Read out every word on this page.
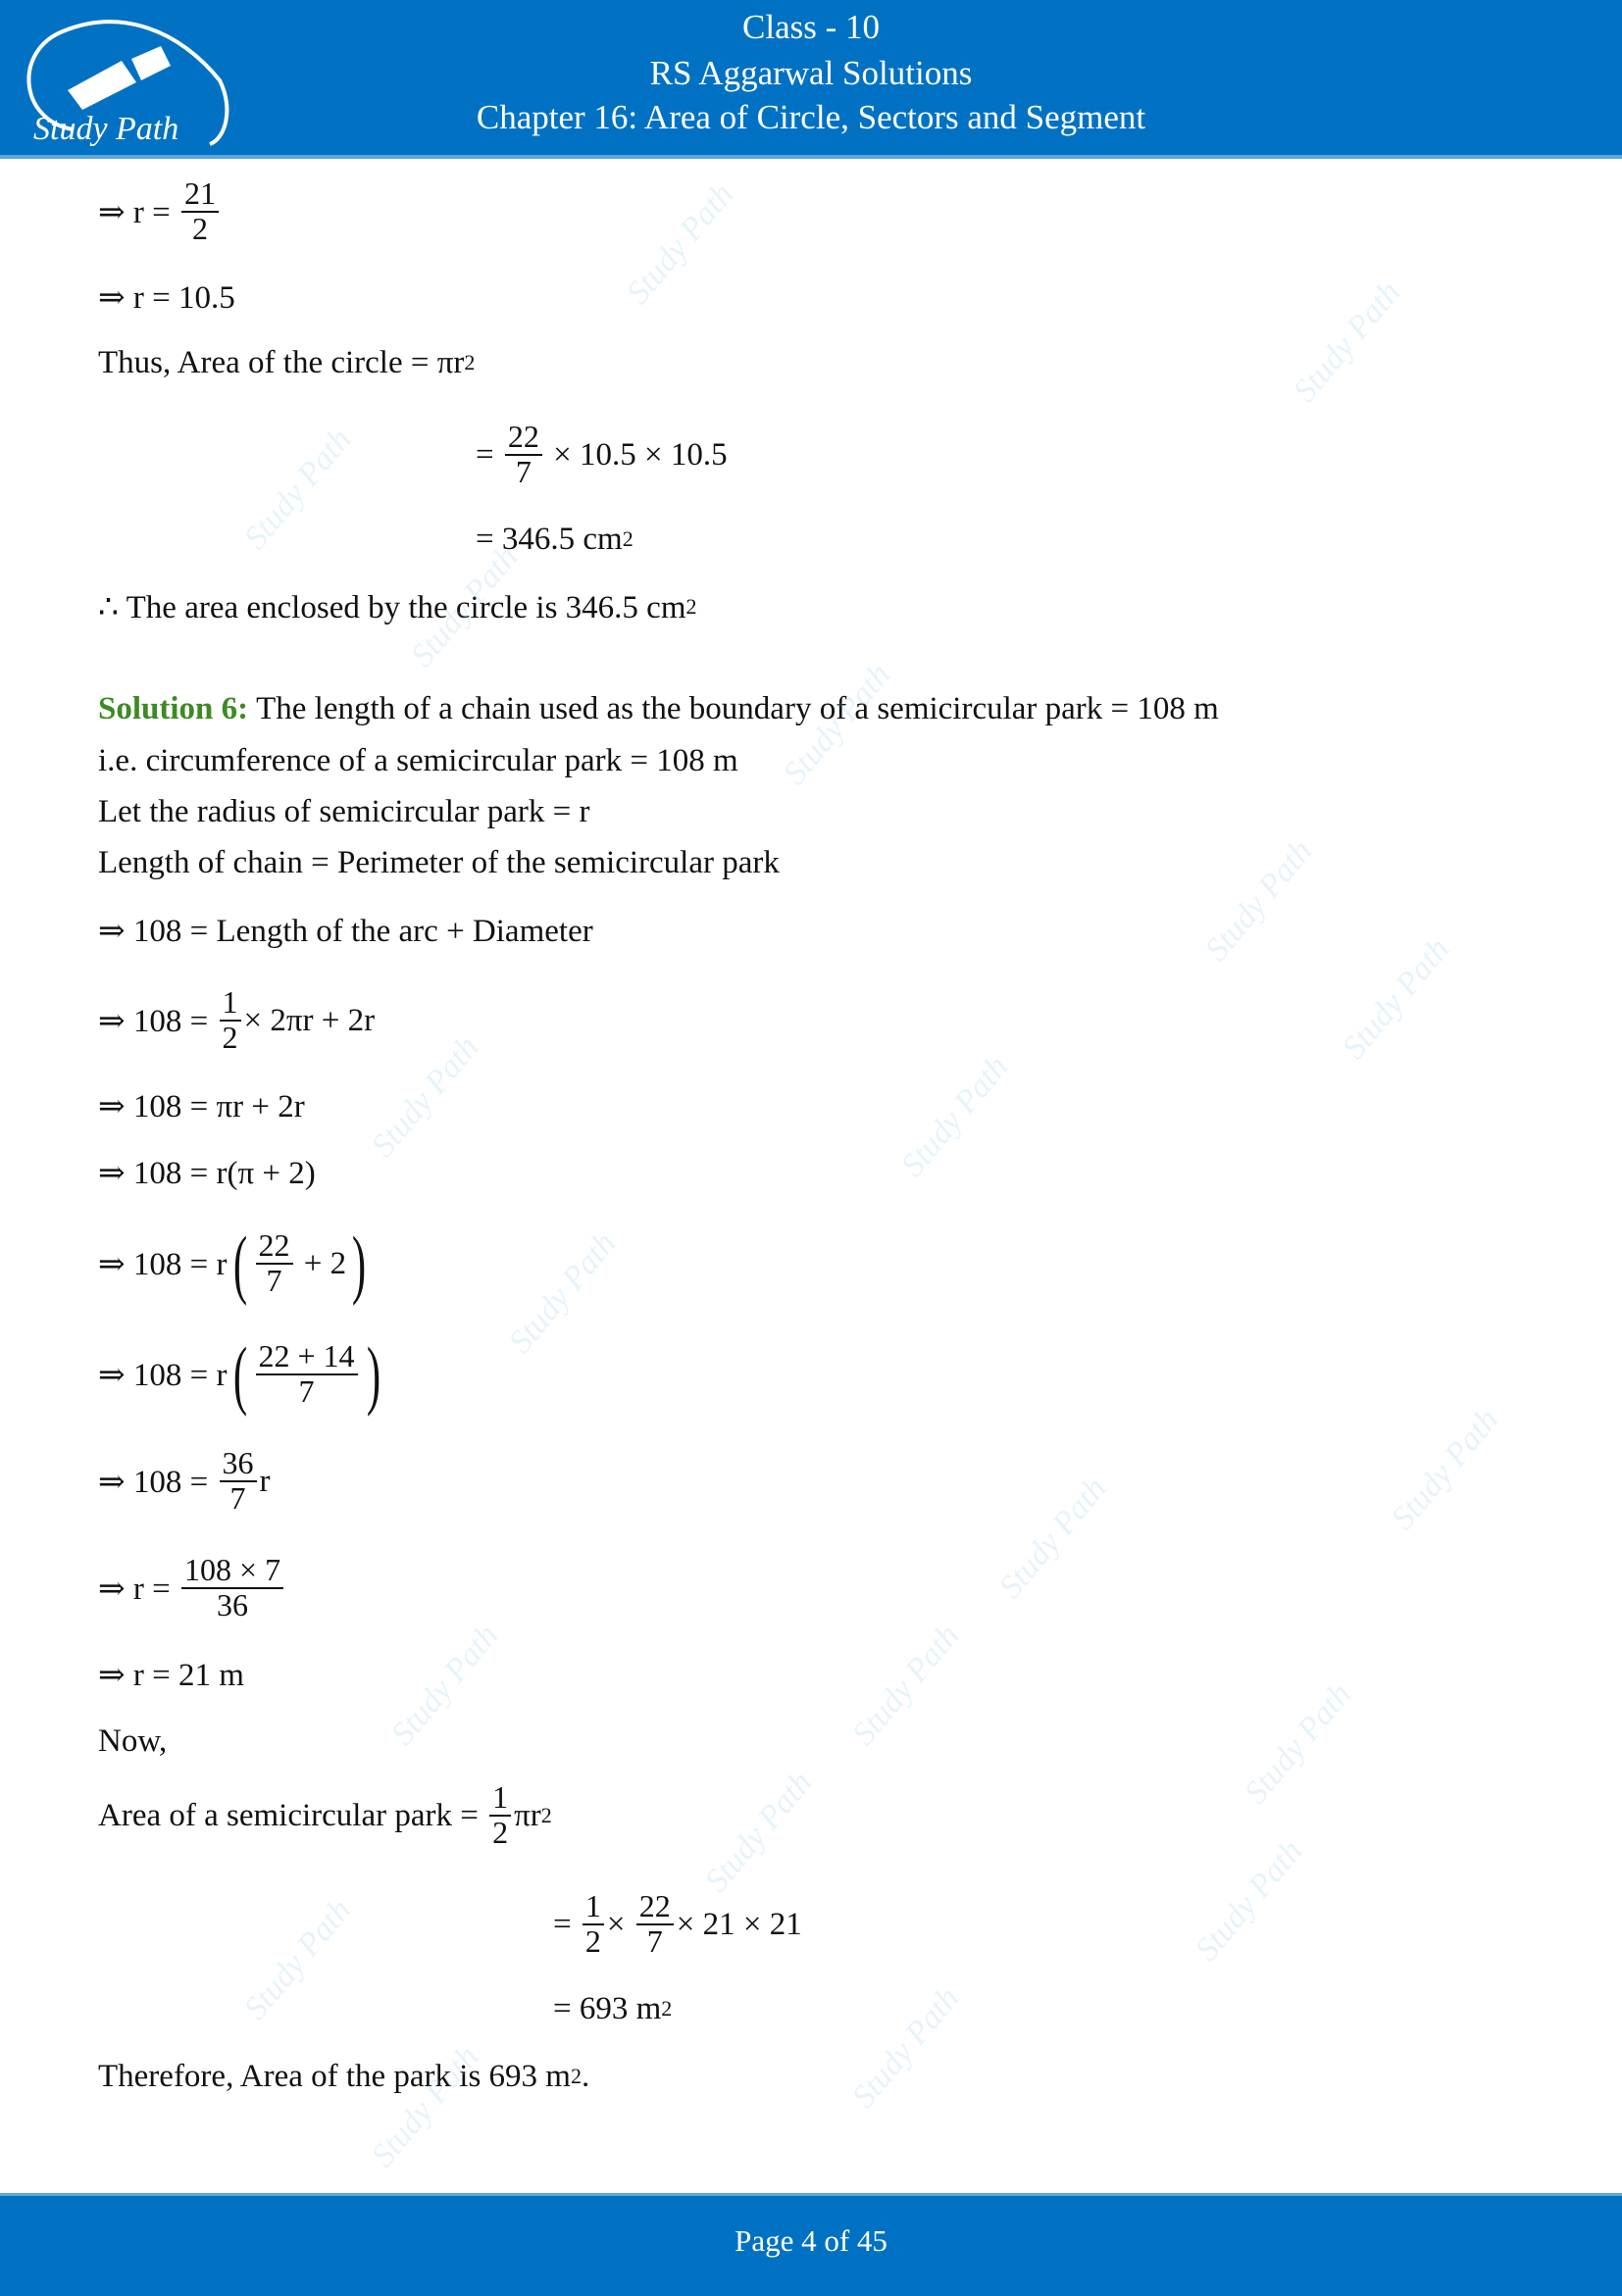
Study Path
Class - 10
RS Aggarwal Solutions
Chapter 16: Area of Circle, Sectors and Segment
⇒ $r = \frac{21}{2}$
⇒ r = 10.5
Thus, Area of the circle = πr 2
= $\frac{22}{7} \times 10.5 \times 10.5$
= 346.5 cm 2
∴ The area enclosed by the circle is 346.5 cm 2
Solution 6: The length of a chain used as the boundary of a semicircular park = 108 m
i.e. circumference of a semicircular park = 108 m
Let the radius of semicircular park = r
Length of chain = Perimeter of the semicircular park
⇒ 108 = Length of the arc + Diameter
⇒ $108 = \frac{1}{2} \times 2\pi r + 2r$
⇒ 108 = πr + 2r
⇒ 108 = r(π + 2)
⇒ 108 = r ( $\frac{22}{7} + 2$ )
⇒ 108 = r ( $\frac{22 + 14}{7}$ )
⇒ $108 = \frac{36}{7}$ r
⇒ $r = \frac{108 \times 7}{36}$
⇒ r = 21 m
Now,
Area of a semicircular park = $\frac{1}{2}$ πr 2
= $\frac{1}{2} \times \frac{22}{7} \times 21 \times 21$
= 693 m 2
Therefore, Area of the park is 693 m 2 .
Page 4 of 45
Study Path
Study Path
Study Path
Study Path
Study Path
Study Path
Study Path	Study Path
Study Path
Study Path
Study Path
Study Path
Study Path	Study Path	Study Path
Study Path
Study Path
Study Path
Study Path	Study Path
